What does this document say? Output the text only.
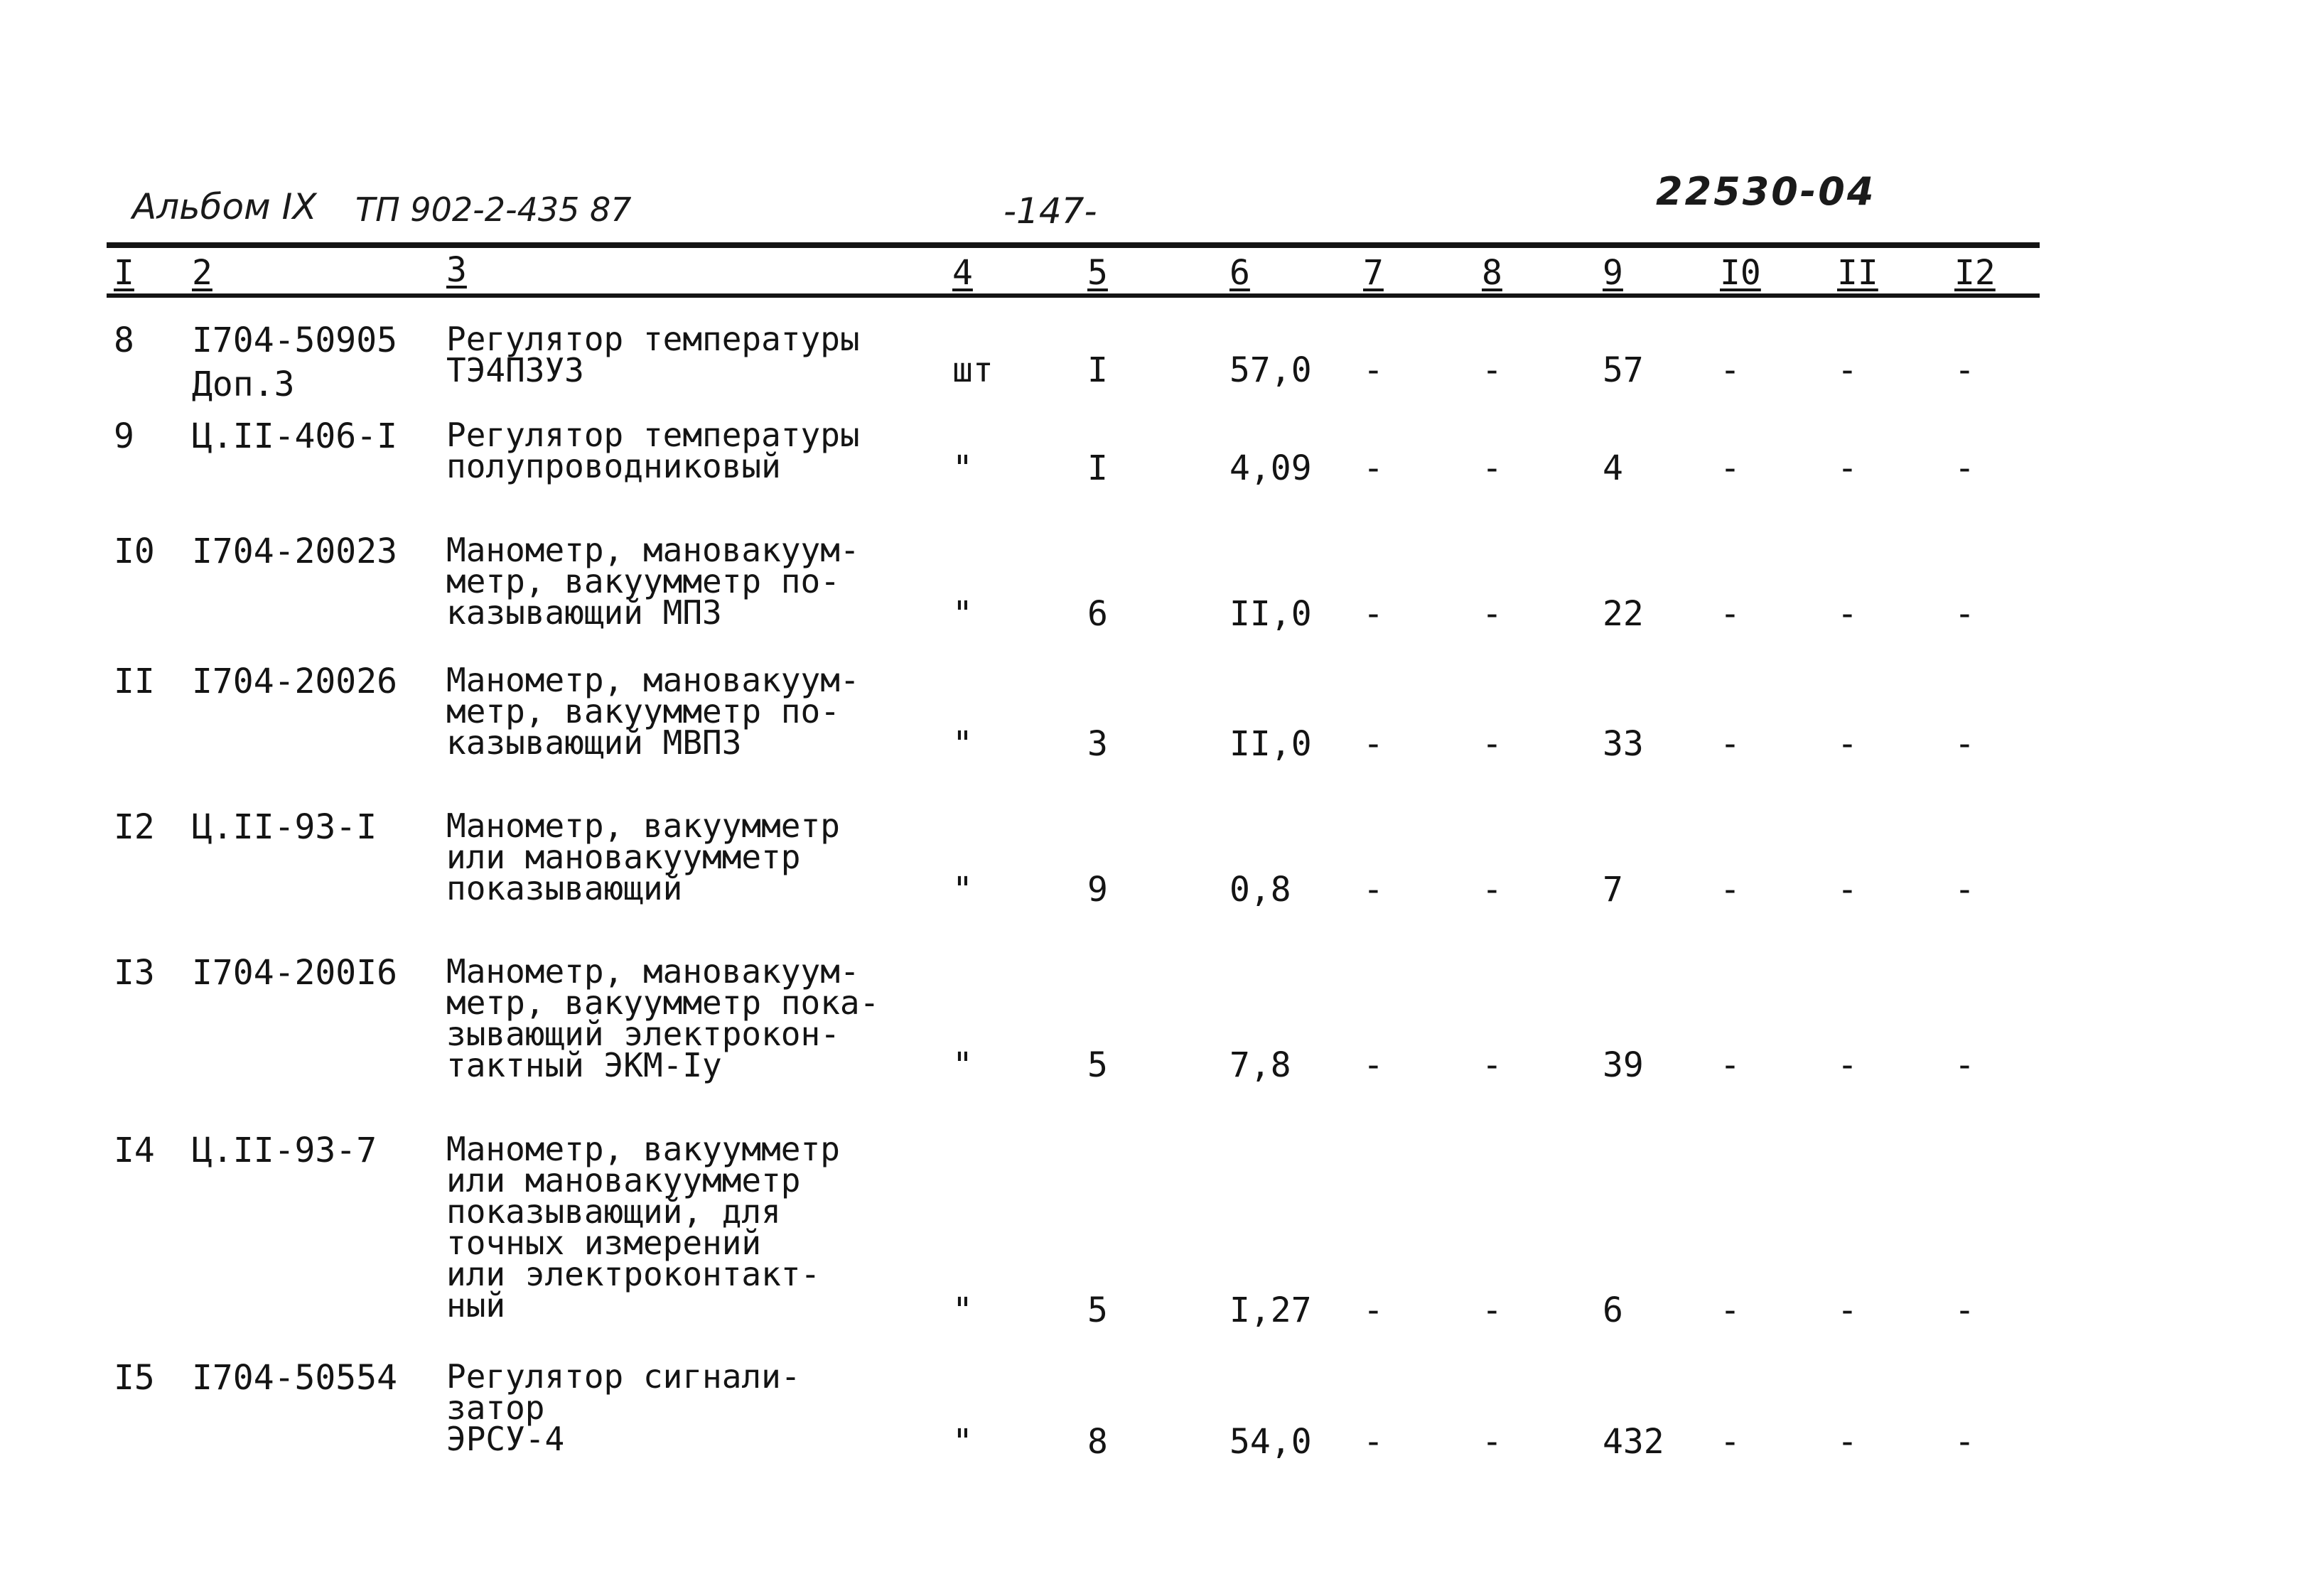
Альбом IX ТП 902-2-435 87	-147-	22530-04
I 2	3	4	5	6	7	8	9	I0 II I2
8 I704-50905
Доп.3
Регулятор температуры
ТЭ4П3У3	шт	I	57,0 -	-	57 -	-	-
9 Ц.II-406-I Регулятор температуры
полупроводниковый	"	I	4,09 -	-	4	-	-	-
I0 I704-20023 Манометр, мановакуум-
метр, вакуумметр по-
казывающий МП3	"	6	II,0 -	-	22 -	-	-
II I704-20026 Манометр, мановакуум-
метр, вакуумметр по-
казывающий МВП3	"	3	II,0 -	-	33 -	-	-
I2 Ц.II-93-I Манометр, вакуумметр
или мановакуумметр
показывающий	"	9	0,8 -	-	7	-	-	-
I3 I704-200I6 Манометр, мановакуум-
метр, вакуумметр пока-
зывающий электрокон-
тактный ЭКМ-Iу	"	5	7,8 -	-	39 -	-	-
I4 Ц.II-93-7 Манометр, вакуумметр
или мановакуумметр
показывающий, для
точных измерений
или электроконтакт-
ный	"	5	I,27 -	-	6	-	-	-
I5 I704-50554 Регулятор сигнали-
затор
ЭРСУ-4	"	8	54,0 -	-	432 -	-	-
